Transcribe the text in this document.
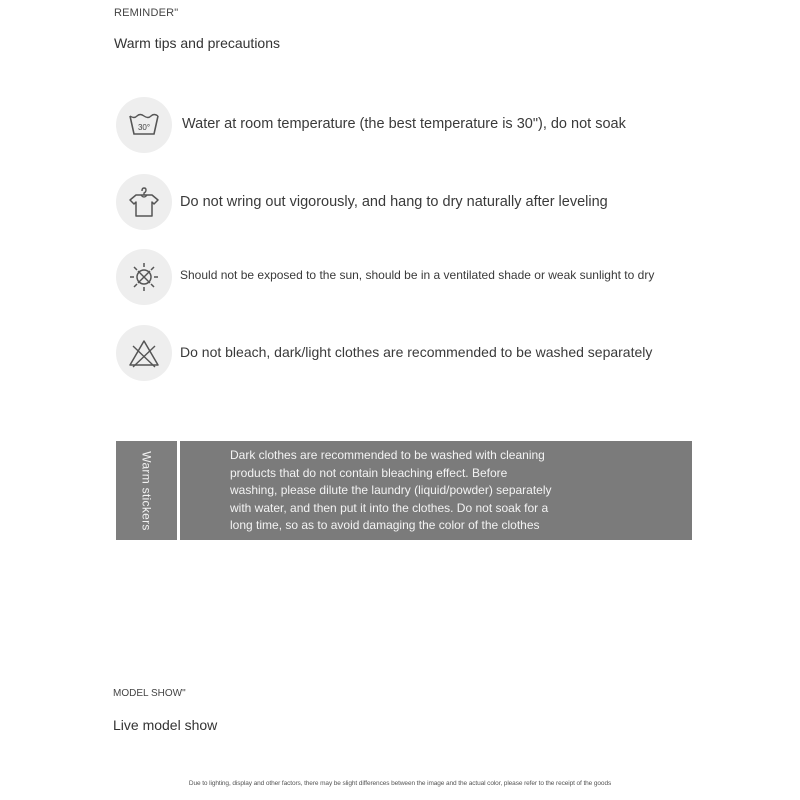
REMINDER"
Warm tips and precautions
30° Water at room temperature (the best temperature is 30"), do not soak
Do not wring out vigorously, and hang to dry naturally after leveling
Should not be exposed to the sun, should be in a ventilated shade or weak sunlight to dry
Do not bleach, dark/light clothes are recommended to be washed separately
Warm stickers	Dark clothes are recommended to be washed with cleaning
products that do not contain bleaching effect. Before
washing, please dilute the laundry (liquid/powder) separately
with water, and then put it into the clothes. Do not soak for a
long time, so as to avoid damaging the color of the clothes
MODEL SHOW"
Live model show
Due to lighting, display and other factors, there may be slight differences between the image and the actual color, please refer to the receipt of the goods
